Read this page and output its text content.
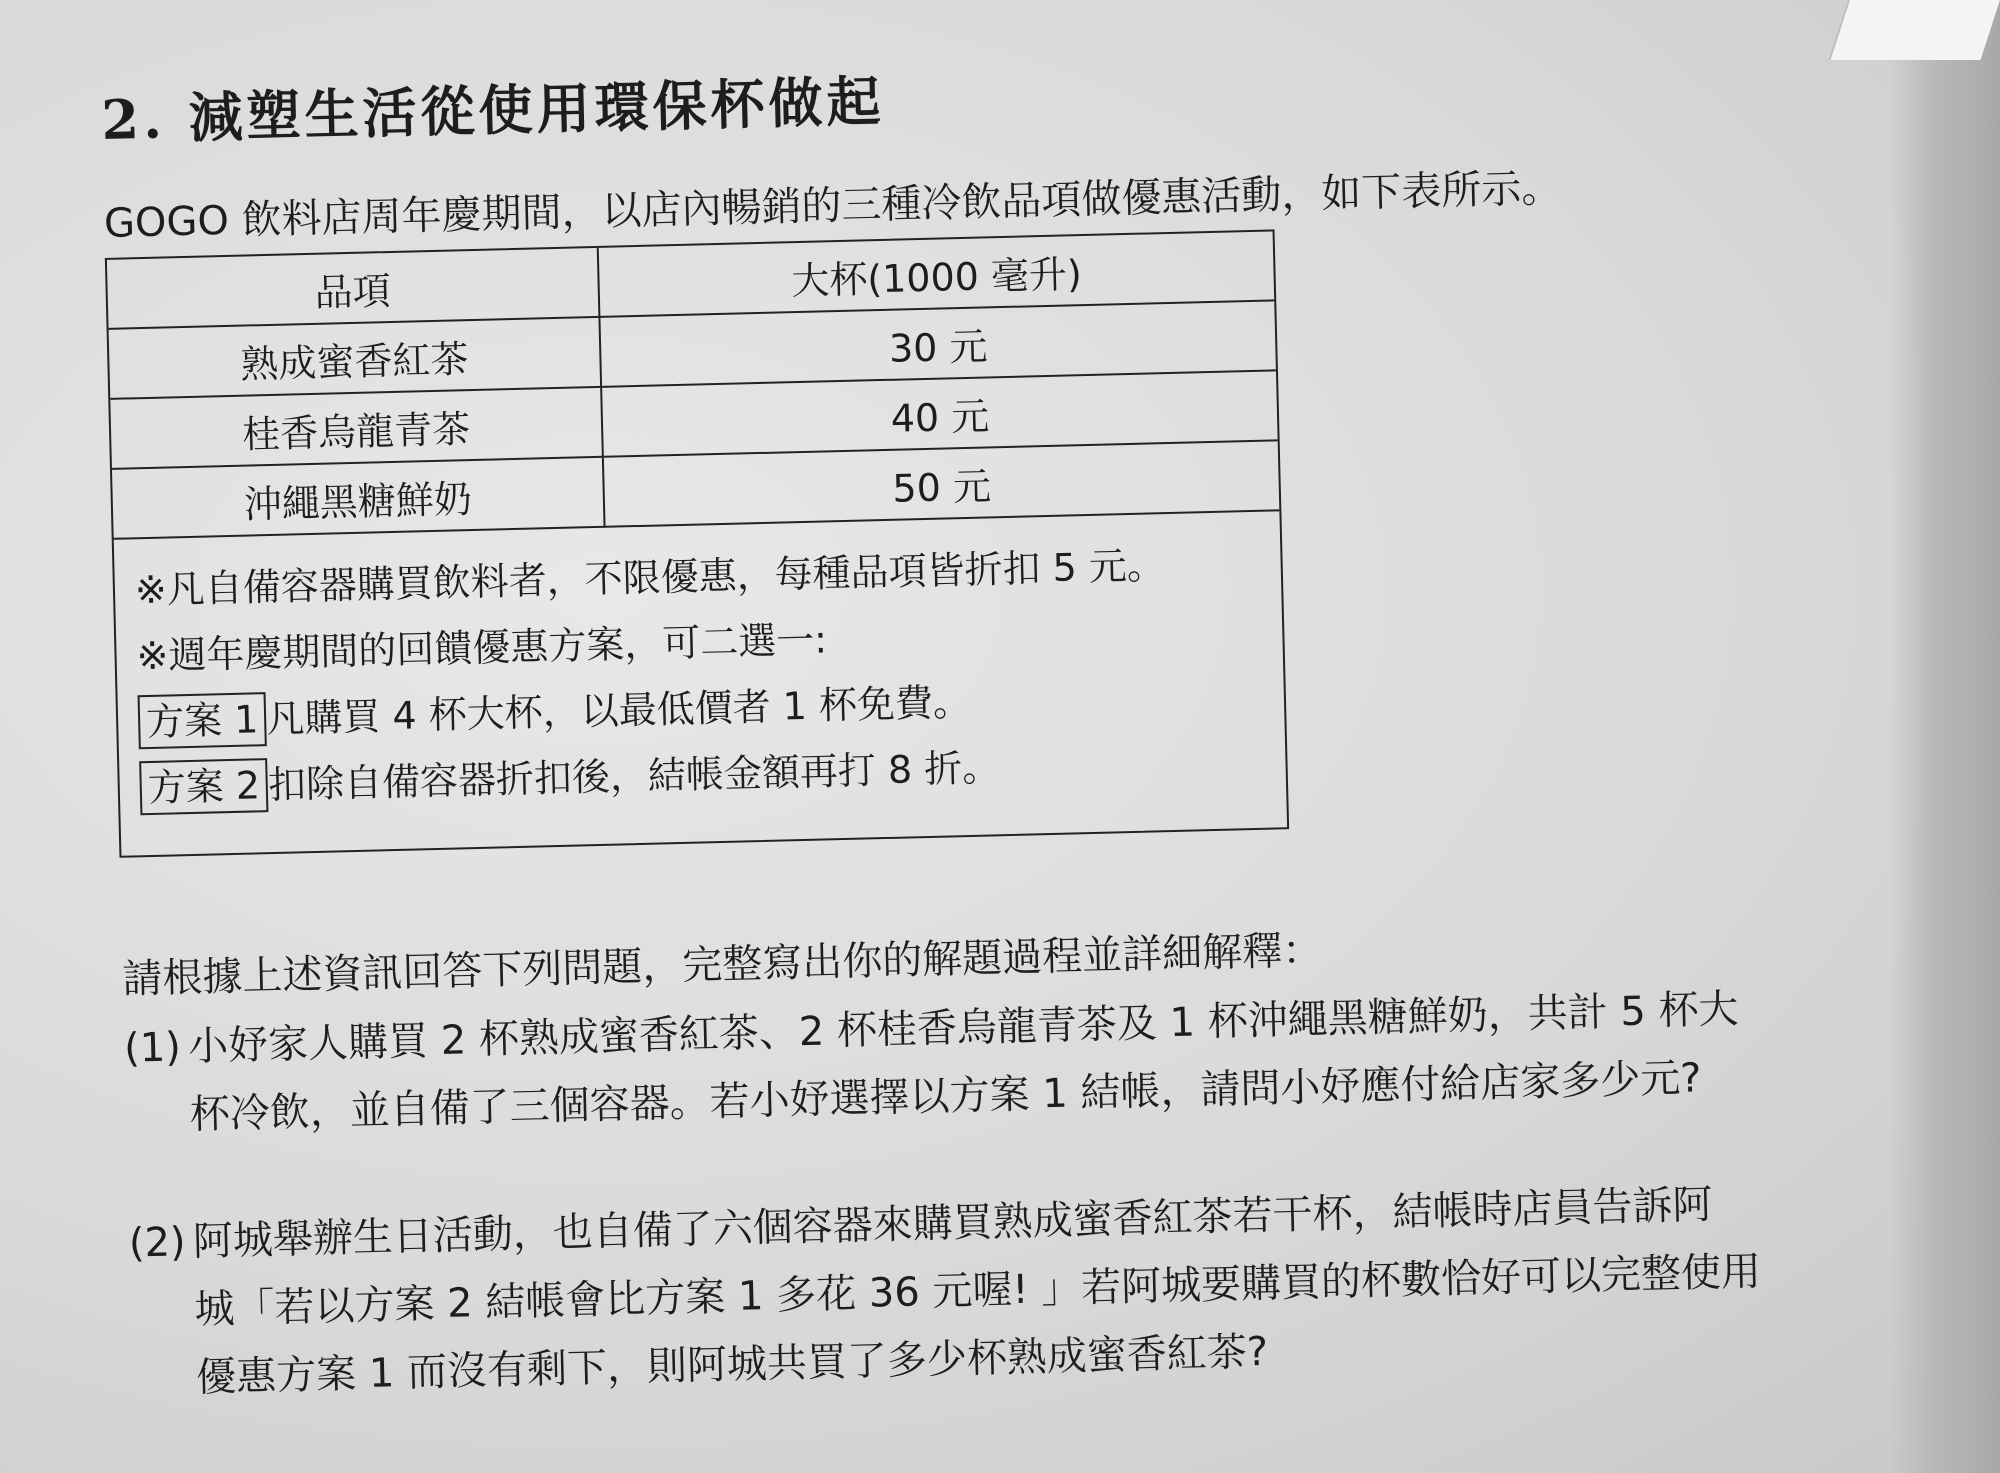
2. 減塑生活從使用環保杯做起
GOGO 飲料店周年慶期間，以店內暢銷的三種冷飲品項做優惠活動，如下表所示。
品項	大杯(1000 毫升)
熟成蜜香紅茶	30 元
桂香烏龍青茶	40 元
沖繩黑糖鮮奶	50 元
※凡自備容器購買飲料者，不限優惠，每種品項皆折扣 5 元。
※週年慶期間的回饋優惠方案，可二選一:
方案 1 凡購買 4 杯大杯，以最低價者 1 杯免費。
方案 2 扣除自備容器折扣後，結帳金額再打 8 折。
請根據上述資訊回答下列問題，完整寫出你的解題過程並詳細解釋：
(1) 小妤家人購買 2 杯熟成蜜香紅茶、2 杯桂香烏龍青茶及 1 杯沖繩黑糖鮮奶，共計 5 杯大
杯冷飲，並自備了三個容器。若小妤選擇以方案 1 結帳，請問小妤應付給店家多少元?
(2) 阿城舉辦生日活動，也自備了六個容器來購買熟成蜜香紅茶若干杯，結帳時店員告訴阿
城「若以方案 2 結帳會比方案 1 多花 36 元喔! 」若阿城要購買的杯數恰好可以完整使用
優惠方案 1 而沒有剩下，則阿城共買了多少杯熟成蜜香紅茶?
